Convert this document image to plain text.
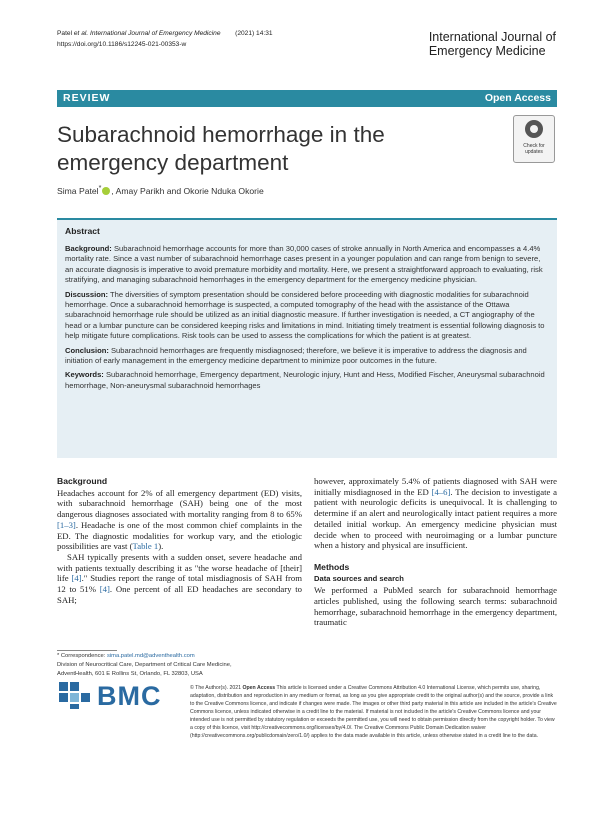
Patel et al. International Journal of Emergency Medicine (2021) 14:31
https://doi.org/10.1186/s12245-021-00353-w	International Journal of
Emergency Medicine
REVIEW	Open Access
Subarachnoid hemorrhage in the
emergency department
Check for
updates
Sima Patel* , Amay Parikh and Okorie Nduka Okorie
Abstract

Background: Subarachnoid hemorrhage accounts for more than 30,000 cases of stroke annually in North America and encompasses a 4.4% mortality rate. Since a vast number of subarachnoid hemorrhage cases present in a younger population and can range from benign to severe, an accurate diagnosis is imperative to avoid premature morbidity and mortality. Here, we present a straightforward approach to evaluating, risk stratifying, and managing subarachnoid hemorrhages in the emergency department for the emergency medicine physician.

Discussion: The diversities of symptom presentation should be considered before proceeding with diagnostic modalities for subarachnoid hemorrhage. Once a subarachnoid hemorrhage is suspected, a computed tomography of the head with the assistance of the Ottawa subarachnoid hemorrhage rule should be utilized as an initial diagnostic measure. If further investigation is needed, a CT angiography of the head or a lumbar puncture can be considered keeping risks and limitations in mind. Initiating timely treatment is essential following diagnosis to help mitigate future complications. Risk tools can be used to assess the complications for which the patient is at greatest.

Conclusion: Subarachnoid hemorrhages are frequently misdiagnosed; therefore, we believe it is imperative to address the diagnosis and initiation of early management in the emergency medicine department to minimize poor outcomes in the future.

Keywords: Subarachnoid hemorrhage, Emergency department, Neurologic injury, Hunt and Hess, Modified Fischer, Aneurysmal subarachnoid hemorrhage, Non-aneurysmal subarachnoid hemorrhages

Background

Headaches account for 2% of all emergency department (ED) visits, with subarachnoid hemorrhage (SAH) being one of the most dangerous diagnoses associated with mortality ranging from 8 to 65% [1–3]. Headache is one of the most common chief complaints in the ED. The diagnostic modalities for workup vary, and the etiologic possibilities are vast (Table 1).

SAH typically presents with a sudden onset, severe headache and with patients textually describing it as "the worse headache of [their] life [4]." Studies report the range of total misdiagnosis of SAH from 12 to 51% [4]. One percent of all ED headaches are secondary to SAH;

however, approximately 5.4% of patients diagnosed with SAH were initially misdiagnosed in the ED [4–6]. The decision to investigate a patient with neurologic deficits is unequivocal. It is challenging to determine if an alert and neurologically intact patient requires a more detailed initial workup. An emergency medicine physician must decide when to proceed with neuroimaging or a lumbar puncture when a history and physical are insufficient.

Methods

Data sources and search

We performed a PubMed search for subarachnoid hemorrhage articles published, using the following search terms: subarachnoid hemorrhage, subarachnoid hemorrhage in the emergency department, traumatic

* Correspondence: sima.patel.md@adventhealth.com
Division of Neurocritical Care, Department of Critical Care Medicine,
AdventHealth, 601 E Rollins St, Orlando, FL 32803, USA
BMC	© The Author(s). 2021 Open Access This article is licensed under a Creative Commons Attribution 4.0 International License, which permits use, sharing, adaptation, distribution and reproduction in any medium or format, as long as you give appropriate credit to the original author(s) and the source, provide a link to the Creative Commons licence, and indicate if changes were made. The images or other third party material in this article are included in the article's Creative Commons licence, unless indicated otherwise in a credit line to the material. If material is not included in the article's Creative Commons licence and your intended use is not permitted by statutory regulation or exceeds the permitted use, you will need to obtain permission directly from the copyright holder. To view a copy of this licence, visit http://creativecommons.org/licenses/by/4.0/. The Creative Commons Public Domain Dedication waiver (http://creativecommons.org/publicdomain/zero/1.0/) applies to the data made available in this article, unless otherwise stated in a credit line to the data.
